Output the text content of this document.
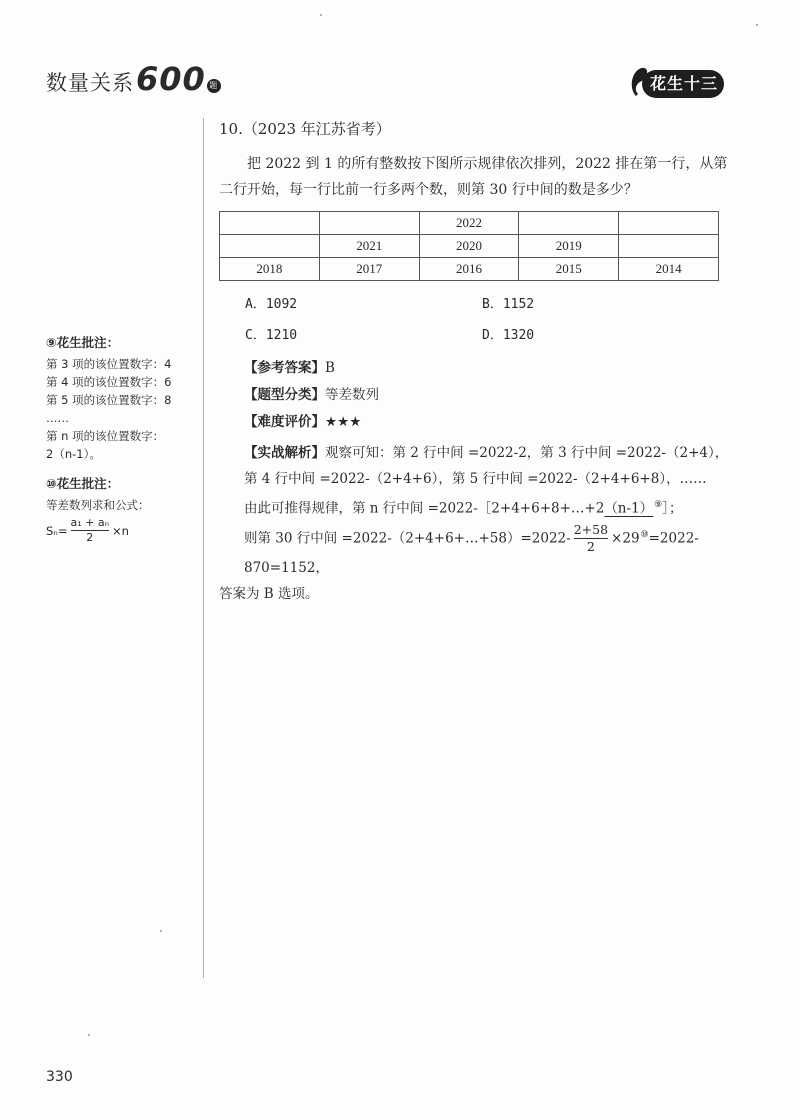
数量关系 600 题	花生十三
10.（2023 年江苏省考）

把 2022 到 1 的所有整数按下图所示规律依次排列，2022 排在第一行，从第二行开始，每一行比前一行多两个数，则第 30 行中间的数是多少？

		2022		
	2021	2020	2019	
2018	2017	2016	2015	2014
A．1092	B．1152
C．1210	D．1320
【参考答案】B
【题型分类】等差数列
【难度评价】★★★

【实战解析】观察可知：第 2 行中间 =2022-2，第 3 行中间 =2022-（2+4），第 4 行中间 =2022-（2+4+6），第 5 行中间 =2022-（2+4+6+8），……

由此可推得规律，第 n 行中间 =2022-［2+4+6+8+…+2（n-1）⑨］；

则第 30 行中间 =2022-（2+4+6+…+58）=2022- $\frac{2+58}{2} \times 29^⑩=2022-870=1152$，

答案为 B 选项。

⑨花生批注：
第 3 项的该位置数字：4
第 4 项的该位置数字：6
第 5 项的该位置数字：8
……
第 n 项的该位置数字：
2（n-1）。
⑩花生批注：
等差数列求和公式：
$S_n= \frac{\text{a₁ + aₙ}}{2} \times n$
330
